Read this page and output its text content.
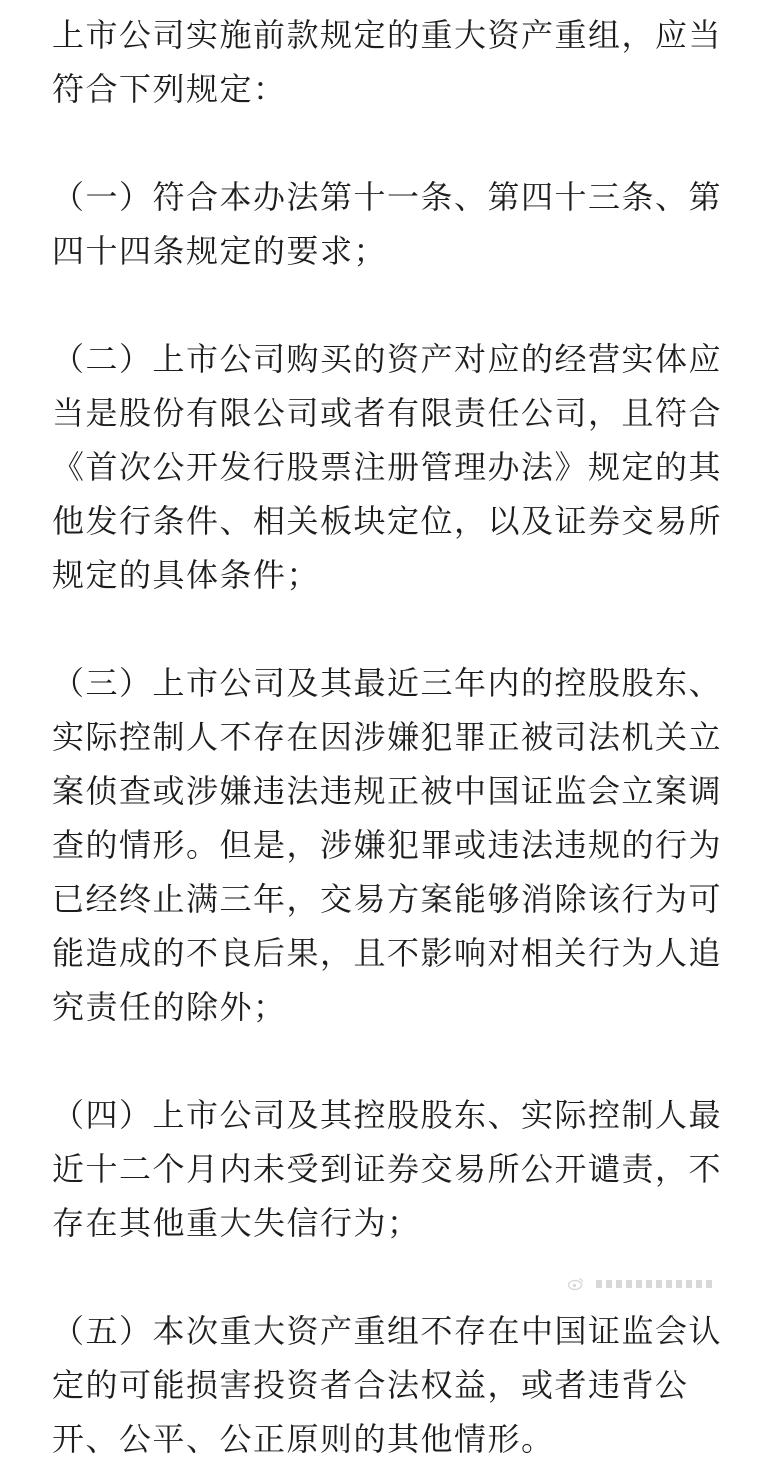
上市公司实施前款规定的重大资产重组，应当符合下列规定：

（一）符合本办法第十一条、第四十三条、第四十四条规定的要求；

（二）上市公司购买的资产对应的经营实体应当是股份有限公司或者有限责任公司，且符合《首次公开发行股票注册管理办法》规定的其他发行条件、相关板块定位，以及证券交易所规定的具体条件；

（三）上市公司及其最近三年内的控股股东、实际控制人不存在因涉嫌犯罪正被司法机关立案侦查或涉嫌违法违规正被中国证监会立案调查的情形。但是，涉嫌犯罪或违法违规的行为已经终止满三年，交易方案能够消除该行为可能造成的不良后果，且不影响对相关行为人追究责任的除外；

（四）上市公司及其控股股东、实际控制人最近十二个月内未受到证券交易所公开谴责，不存在其他重大失信行为；

（五）本次重大资产重组不存在中国证监会认定的可能损害投资者合法权益，或者违背公开、公平、公正原则的其他情形。
